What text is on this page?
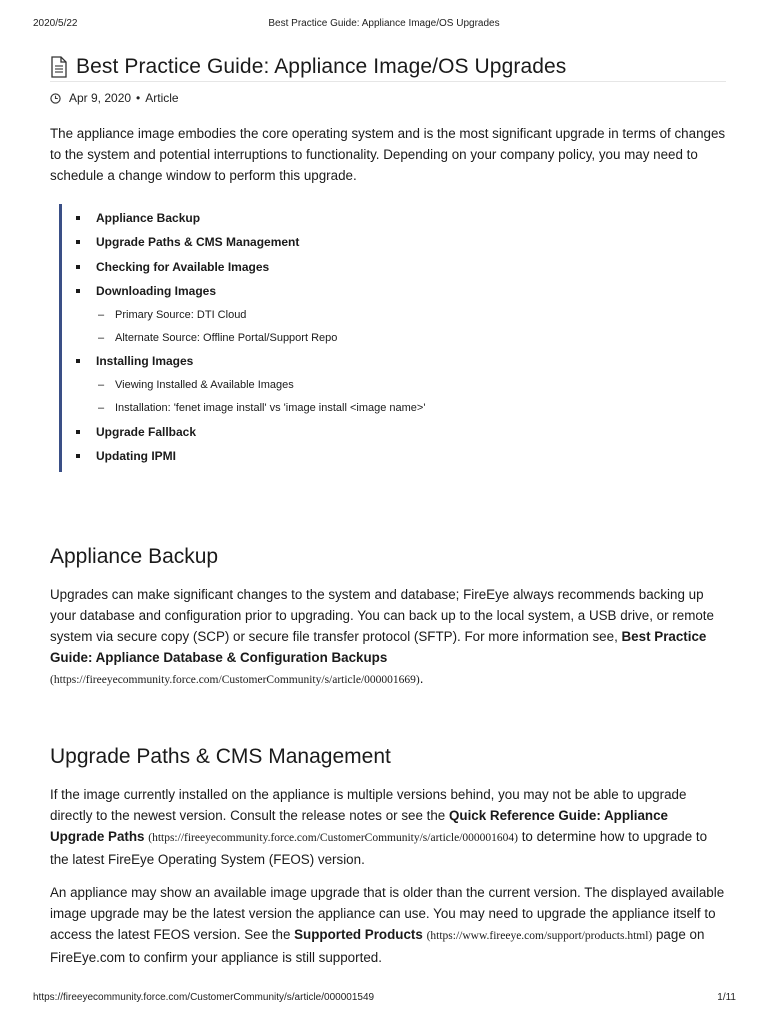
2020/5/22	Best Practice Guide: Appliance Image/OS Upgrades
Best Practice Guide: Appliance Image/OS Upgrades
Apr 9, 2020 • Article

The appliance image embodies the core operating system and is the most significant upgrade in terms of changes to the system and potential interruptions to functionality. Depending on your company policy, you may need to schedule a change window to perform this upgrade.

Appliance Backup
Upgrade Paths & CMS Management
Checking for Available Images
Downloading Images
– Primary Source: DTI Cloud
– Alternate Source: Offline Portal/Support Repo
Installing Images
– Viewing Installed & Available Images
– Installation: 'fenet image install' vs 'image install <image name>'
Upgrade Fallback
Updating IPMI
Appliance Backup

Upgrades can make significant changes to the system and database; FireEye always recommends backing up your database and configuration prior to upgrading. You can back up to the local system, a USB drive, or remote system via secure copy (SCP) or secure file transfer protocol (SFTP). For more information see, Best Practice Guide: Appliance Database & Configuration Backups (https://fireeyecommunity.force.com/CustomerCommunity/s/article/000001669).

Upgrade Paths & CMS Management

If the image currently installed on the appliance is multiple versions behind, you may not be able to upgrade directly to the newest version. Consult the release notes or see the Quick Reference Guide: Appliance Upgrade Paths (https://fireeyecommunity.force.com/CustomerCommunity/s/article/000001604) to determine how to upgrade to the latest FireEye Operating System (FEOS) version.

An appliance may show an available image upgrade that is older than the current version. The displayed available image upgrade may be the latest version the appliance can use. You may need to upgrade the appliance itself to access the latest FEOS version. See the Supported Products (https://www.fireeye.com/support/products.html) page on FireEye.com to confirm your appliance is still supported.

https://fireeyecommunity.force.com/CustomerCommunity/s/article/000001549	1/11
